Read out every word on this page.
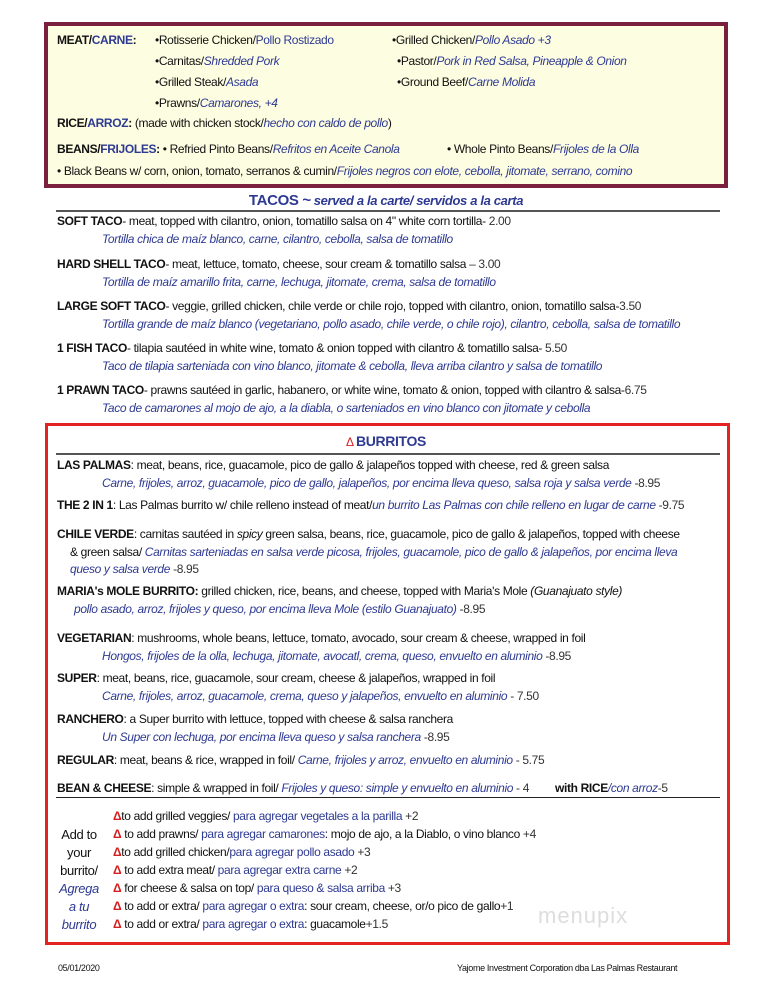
MEAT/CARNE: •Rotisserie Chicken/Pollo Rostizado	•Grilled Chicken/Pollo Asado +3
•Carnitas/Shredded Pork	•Pastor/Pork in Red Salsa, Pineapple & Onion
•Grilled Steak/Asada	•Ground Beef/Carne Molida
•Prawns/Camarones, +4
RICE/ARROZ: (made with chicken stock/hecho con caldo de pollo)
BEANS/FRIJOLES: • Refried Pinto Beans/Refritos en Aceite Canola	• Whole Pinto Beans/Frijoles de la Olla
• Black Beans w/ corn, onion, tomato, serranos & cumin/Frijoles negros con elote, cebolla, jitomate, serrano, comino
TACOS ~ served a la carte/ servidos a la carta
SOFT TACO- meat, topped with cilantro, onion, tomatillo salsa on 4" white corn tortilla- 2.00
Tortilla chica de maíz blanco, carne, cilantro, cebolla, salsa de tomatillo
HARD SHELL TACO- meat, lettuce, tomato, cheese, sour cream & tomatillo salsa – 3.00
Tortilla de maíz amarillo frita, carne, lechuga, jitomate, crema, salsa de tomatillo
LARGE SOFT TACO- veggie, grilled chicken, chile verde or chile rojo, topped with cilantro, onion, tomatillo salsa-3.50
Tortilla grande de maíz blanco (vegetariano, pollo asado, chile verde, o chile rojo), cilantro, cebolla, salsa de tomatillo
1 FISH TACO- tilapia sautéed in white wine, tomato & onion topped with cilantro & tomatillo salsa- 5.50
Taco de tilapia sarteniada con vino blanco, jitomate & cebolla, lleva arriba cilantro y salsa de tomatillo
1 PRAWN TACO- prawns sautéed in garlic, habanero, or white wine, tomato & onion, topped with cilantro & salsa-6.75
Taco de camarones al mojo de ajo, a la diabla, o sarteniados en vino blanco con jitomate y cebolla
Δ BURRITOS
LAS PALMAS: meat, beans, rice, guacamole, pico de gallo & jalapeños topped with cheese, red & green salsa
Carne, frijoles, arroz, guacamole, pico de gallo, jalapeños, por encima lleva queso, salsa roja y salsa verde -8.95
THE 2 IN 1: Las Palmas burrito w/ chile relleno instead of meat/un burrito Las Palmas con chile relleno en lugar de carne -9.75
CHILE VERDE: carnitas sautéed in spicy green salsa, beans, rice, guacamole, pico de gallo & jalapeños, topped with cheese
& green salsa/ Carnitas sarteniadas en salsa verde picosa, frijoles, guacamole, pico de gallo & jalapeños, por encima lleva
queso y salsa verde -8.95
MARIA's MOLE BURRITO: grilled chicken, rice, beans, and cheese, topped with Maria's Mole (Guanajuato style)
pollo asado, arroz, frijoles y queso, por encima lleva Mole (estilo Guanajuato) -8.95
VEGETARIAN: mushrooms, whole beans, lettuce, tomato, avocado, sour cream & cheese, wrapped in foil
Hongos, frijoles de la olla, lechuga, jitomate, avocatl, crema, queso, envuelto en aluminio -8.95
SUPER: meat, beans, rice, guacamole, sour cream, cheese & jalapeños, wrapped in foil
Carne, frijoles, arroz, guacamole, crema, queso y jalapeños, envuelto en aluminio - 7.50
RANCHERO: a Super burrito with lettuce, topped with cheese & salsa ranchera
Un Super con lechuga, por encima lleva queso y salsa ranchera -8.95
REGULAR: meat, beans & rice, wrapped in foil/ Carne, frijoles y arroz, envuelto en aluminio - 5.75
BEAN & CHEESE: simple & wrapped in foil/ Frijoles y queso: simple y envuelto en aluminio - 4 with RICE/con arroz-5
Add to
your
burrito/
Agrega
a tu
burrito
Δto add grilled veggies/ para agregar vegetales a la parilla +2
Δ to add prawns/ para agregar camarones: mojo de ajo, a la Diablo, o vino blanco +4
Δto add grilled chicken/para agregar pollo asado +3
Δ to add extra meat/ para agregar extra carne +2
Δ for cheese & salsa on top/ para queso & salsa arriba +3
Δ to add or extra/ para agregar o extra: sour cream, cheese, or/o pico de gallo+1
Δ to add or extra/ para agregar o extra: guacamole+1.5	menupix
05/01/2020	Yajome Investment Corporation dba Las Palmas Restaurant
